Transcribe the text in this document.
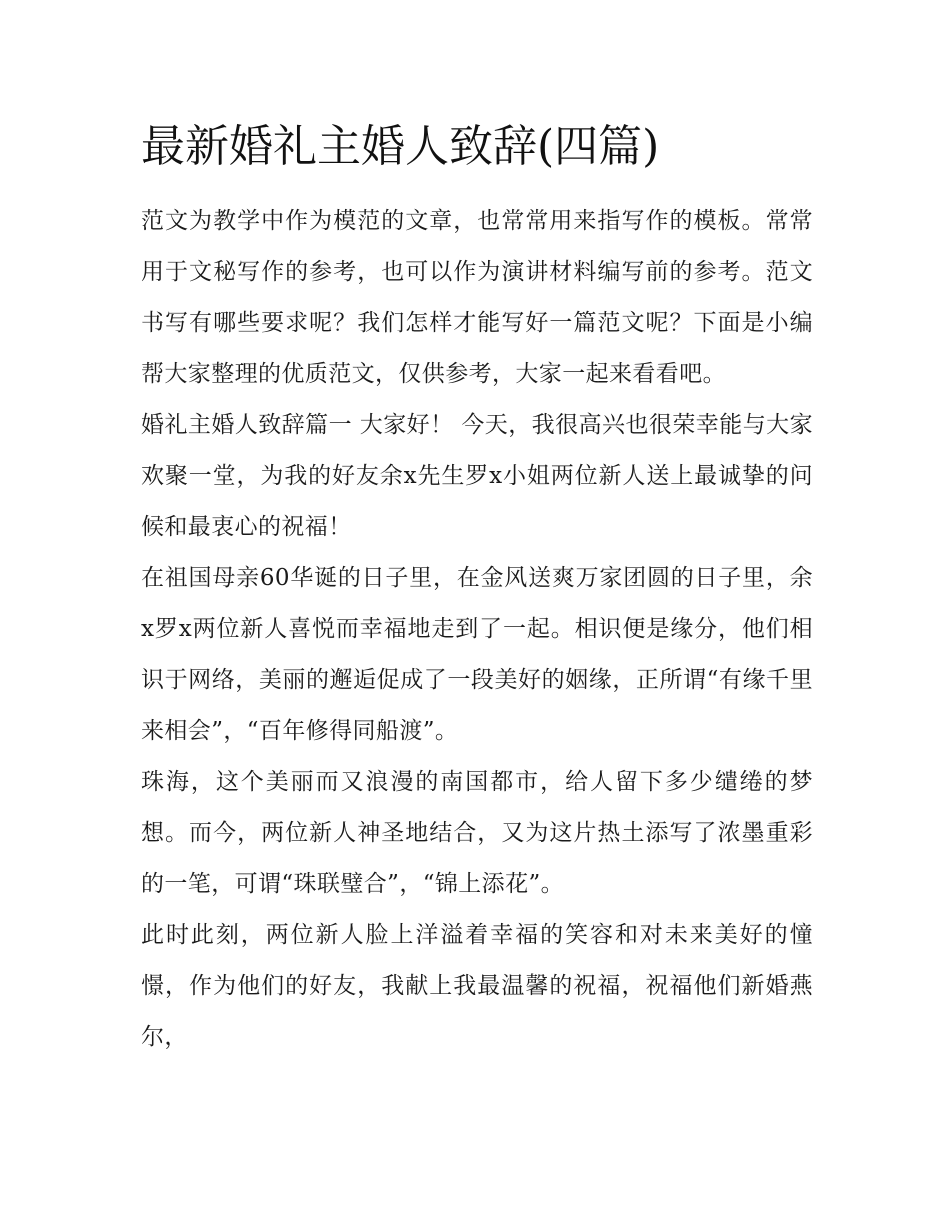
最新婚礼主婚人致辞(四篇)

范文为教学中作为模范的文章，也常常用来指写作的模板。常常用于文秘写作的参考，也可以作为演讲材料编写前的参考。范文书写有哪些要求呢？我们怎样才能写好一篇范文呢？下面是小编帮大家整理的优质范文，仅供参考，大家一起来看看吧。

婚礼主婚人致辞篇一 大家好！ 今天，我很高兴也很荣幸能与大家欢聚一堂，为我的好友余x先生罗x小姐两位新人送上最诚挚的问候和最衷心的祝福！

在祖国母亲60华诞的日子里，在金风送爽万家团圆的日子里，余x罗x两位新人喜悦而幸福地走到了一起。相识便是缘分，他们相识于网络，美丽的邂逅促成了一段美好的姻缘，正所谓“有缘千里来相会”，“百年修得同船渡”。

珠海，这个美丽而又浪漫的南国都市，给人留下多少缱绻的梦想。而今，两位新人神圣地结合，又为这片热土添写了浓墨重彩的一笔，可谓“珠联璧合”，“锦上添花”。

此时此刻，两位新人脸上洋溢着幸福的笑容和对未来美好的憧憬，作为他们的好友，我献上我最温馨的祝福，祝福他们新婚燕尔，
